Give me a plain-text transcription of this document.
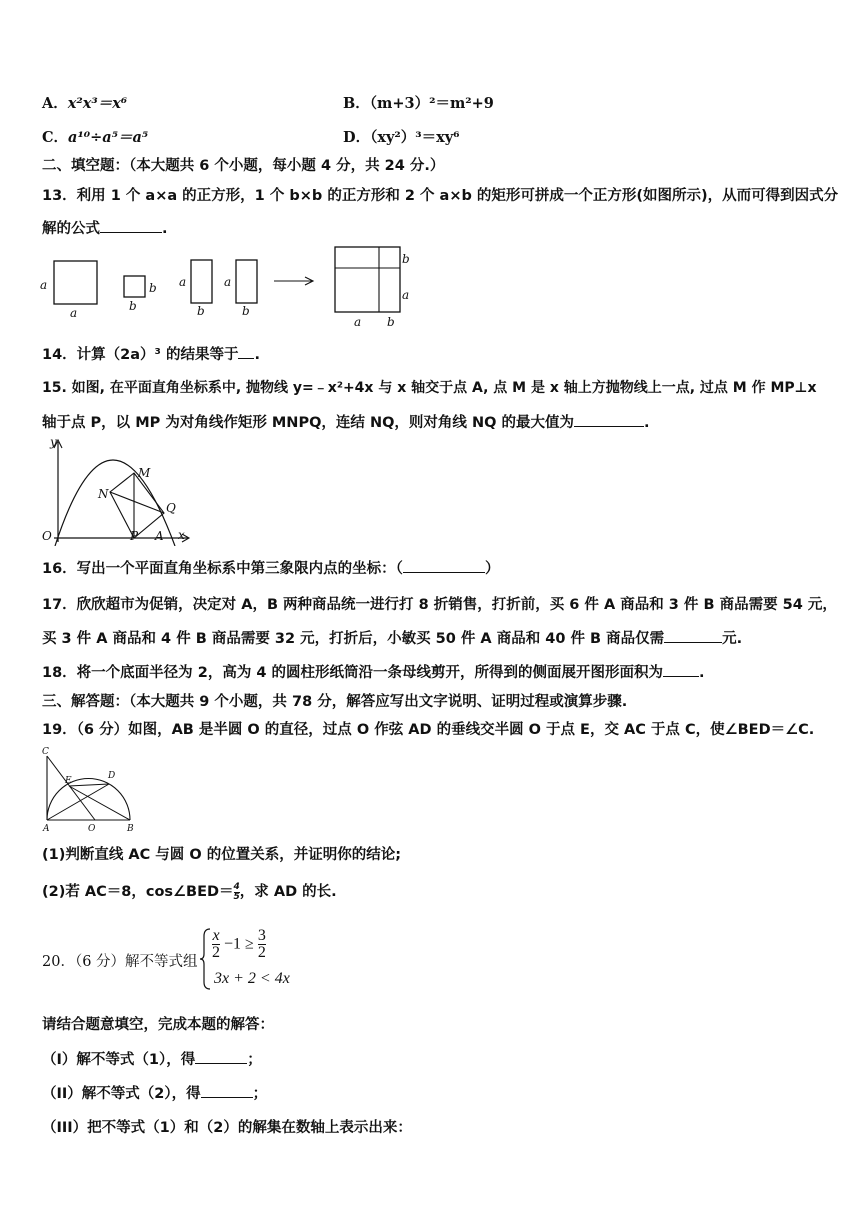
A．x²x³＝x⁶	B．（m+3）²＝m²+9
C．a¹⁰÷a⁵＝a⁵	D．（xy²）³＝xy⁶
二、填空题：（本大题共 6 个小题，每小题 4 分，共 24 分.）
13．利用 1 个 a×a 的正方形，1 个 b×b 的正方形和 2 个 a×b 的矩形可拼成一个正方形(如图所示)，从而可得到因式分
解的公式	.
a
a
b
b
a
b
a
b
b
a
a b
14．计算（2a）³ 的结果等于 .
15. 如图, 在平面直角坐标系中, 抛物线 y=﹣x²+4x 与 x 轴交于点 A, 点 M 是 x 轴上方抛物线上一点, 过点 M 作 MP⊥x
轴于点 P，以 MP 为对角线作矩形 MNPQ，连结 NQ，则对角线 NQ 的最大值为	.
y
x
O
M
N
Q
P A
16．写出一个平面直角坐标系中第三象限内点的坐标：（	）
17．欣欣超市为促销，决定对 A，B 两种商品统一进行打 8 折销售，打折前，买 6 件 A 商品和 3 件 B 商品需要 54 元，
买 3 件 A 商品和 4 件 B 商品需要 32 元，打折后，小敏买 50 件 A 商品和 40 件 B 商品仅需	元.
18．将一个底面半径为 2，高为 4 的圆柱形纸筒沿一条母线剪开，所得到的侧面展开图形面积为 .
三、解答题：（本大题共 9 个小题，共 78 分，解答应写出文字说明、证明过程或演算步骤.
19．（6 分）如图，AB 是半圆 O 的直径，过点 O 作弦 AD 的垂线交半圆 O 于点 E，交 AC 于点 C，使∠BED＝∠C.
C
E	D
A	O	B
(1)判断直线 AC 与圆 O 的位置关系，并证明你的结论;
(2)若 AC＝8，cos∠BED＝ $\frac{4}{5}$ ，求 AD 的长.
20．（6 分）解不等式组
$\frac{x}{2} -1 \ge \frac{3}{2}$
3x + 2 < 4x
请结合题意填空，完成本题的解答：
（I）解不等式（1），得	；
（II）解不等式（2），得	；
（III）把不等式（1）和（2）的解集在数轴上表示出来：
